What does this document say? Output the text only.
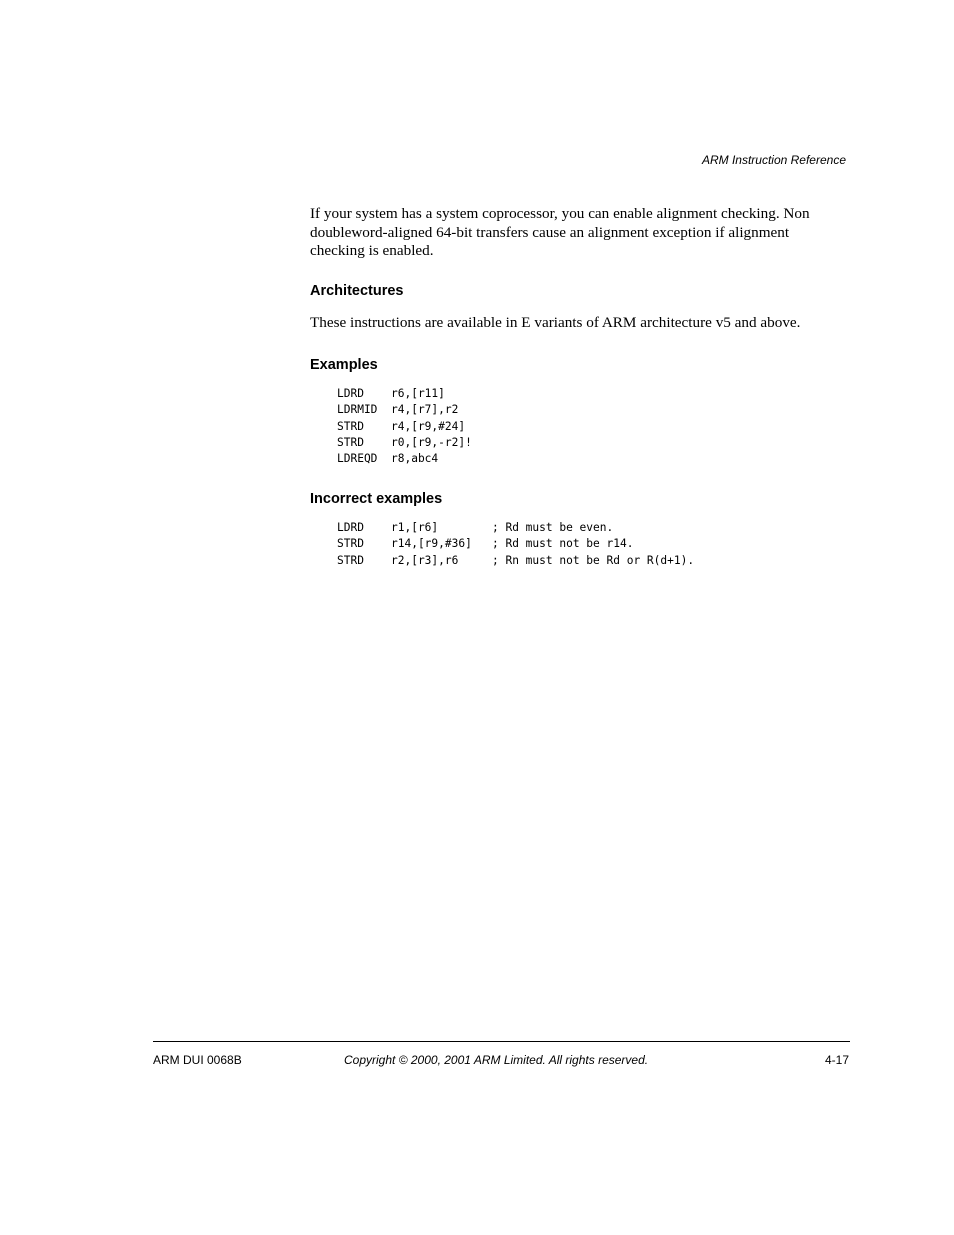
ARM Instruction Reference

If your system has a system coprocessor, you can enable alignment checking. Non doubleword-aligned 64-bit transfers cause an alignment exception if alignment checking is enabled.

Architectures

These instructions are available in E variants of ARM architecture v5 and above.

Examples
LDRD	r6,[r11]
LDRMID	r4,[r7],r2
STRD	r4,[r9,#24]
STRD	r0,[r9,-r2]!
LDREQD	r8,abc4
Incorrect examples
LDRD	r1,[r6]	; Rd must be even.
STRD	r14,[r9,#36]	; Rd must not be r14.
STRD	r2,[r3],r6	; Rn must not be Rd or R(d+1).
ARM DUI 0068B	Copyright © 2000, 2001 ARM Limited. All rights reserved.	4-17
